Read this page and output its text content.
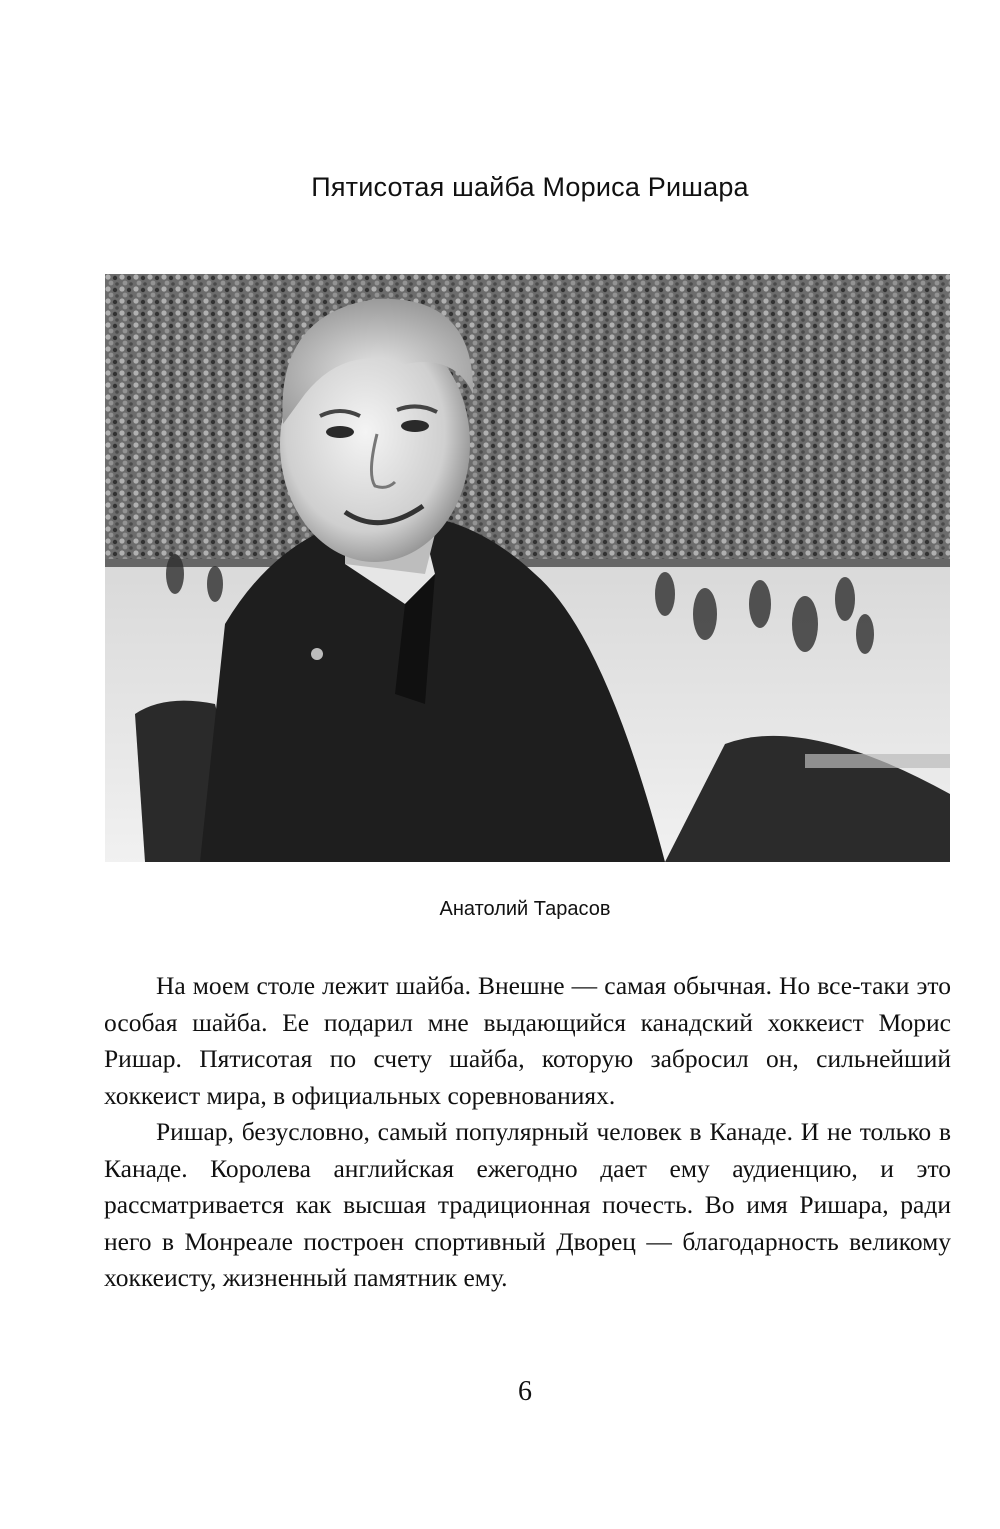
Пятисотая шайба Мориса Ришара
Анатолий Тарасов

На моем столе лежит шайба. Внешне — самая обычная. Но все-таки это особая шайба. Ее подарил мне выдающийся канадский хоккеист Морис Ришар. Пятисотая по счету шайба, которую забросил он, сильнейший хоккеист мира, в официальных соревнованиях.

Ришар, безусловно, самый популярный человек в Канаде. И не только в Канаде. Королева английская ежегодно дает ему аудиенцию, и это рассматривается как высшая традиционная почесть. Во имя Ришара, ради него в Монреале построен спортивный Дворец — благодарность великому хоккеисту, жизненный памятник ему.

6
